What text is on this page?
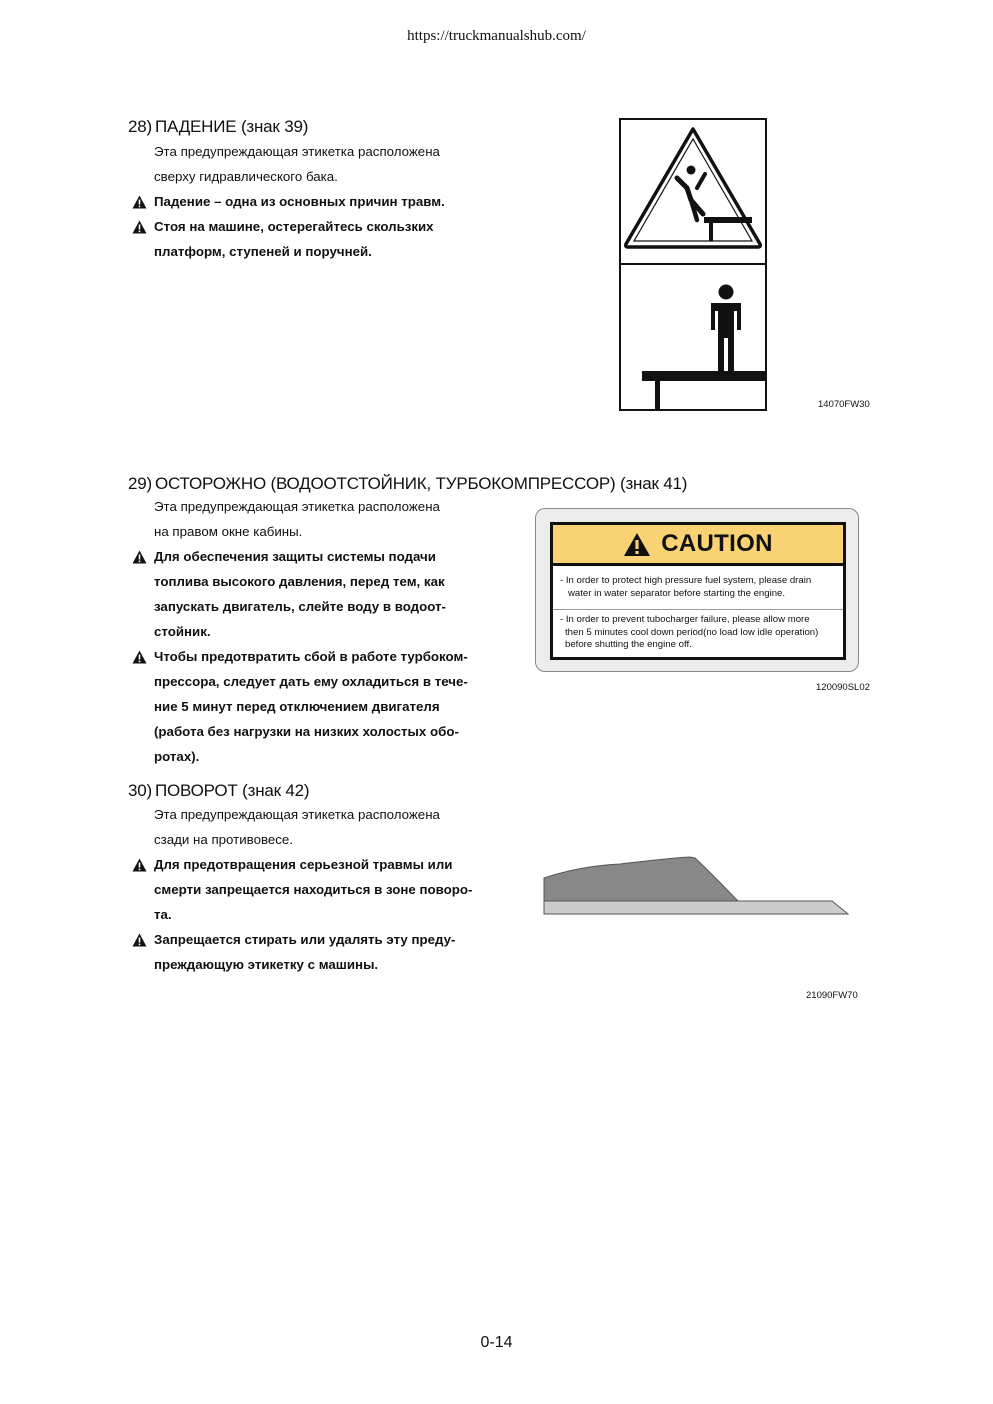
https://truckmanualshub.com/
28) ПАДЕНИЕ (знак 39)
Эта предупреждающая этикетка расположена
сверху гидравлического бака.
Падение – одна из основных причин травм.
Стоя на машине, остерегайтесь скользких
платформ, ступеней и поручней.
14070FW30
29) ОСТОРОЖНО (ВОДООТСТОЙНИК, ТУРБОКОМПРЕССОР) (знак 41)
Эта предупреждающая этикетка расположена
на правом окне кабины.
Для обеспечения защиты системы подачи
топлива высокого давления, перед тем, как
запускать двигатель, слейте воду в водоот-
стойник.
Чтобы предотвратить сбой в работе турбоком-
прессора, следует дать ему охладиться в тече-
ние 5 минут перед отключением двигателя
(работа без нагрузки на низких холостых обо-
ротах).
CAUTION
- In order to protect high pressure fuel system, please drain
water in water separator before starting the engine.
- In order to prevent tubocharger failure, please allow more
then 5 minutes cool down period(no load low idle operation)
before shutting the engine off.
120090SL02
30) ПОВОРОТ (знак 42)
Эта предупреждающая этикетка расположена
сзади на противовесе.
Для предотвращения серьезной травмы или
смерти запрещается находиться в зоне поворо-
та.
Запрещается стирать или удалять эту преду-
преждающую этикетку с машины.
21090FW70
0-14
